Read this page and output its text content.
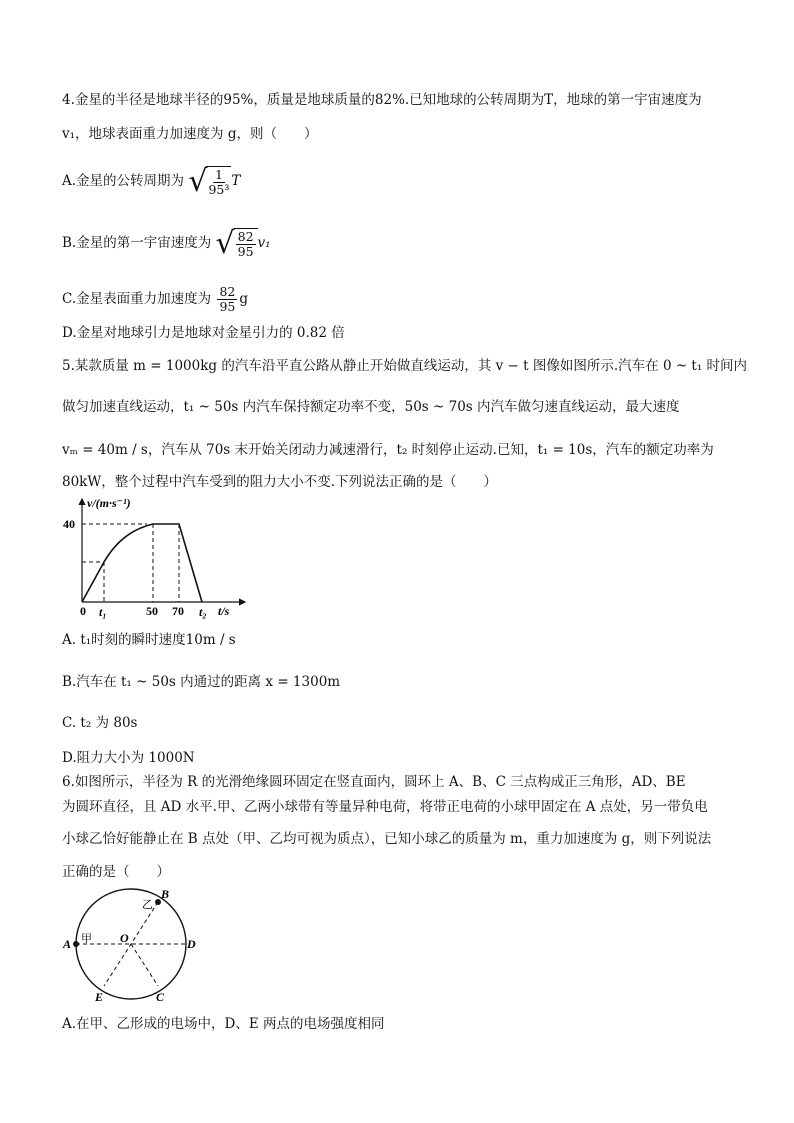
4.金星的半径是地球半径的95%，质量是地球质量的82%.已知地球的公转周期为T，地球的第一宇宙速度为
v₁，地球表面重力加速度为 g，则（　　）
A.金星的公转周期为 √ $\frac{1}{\text{95³}}$ T
B.金星的第一宇宙速度为 √ $\frac{82}{95} v_1$
C.金星表面重力加速度为 $\frac{82}{95}$ g
D.金星对地球引力是地球对金星引力的 0.82 倍
5.某款质量 m = 1000kg 的汽车沿平直公路从静止开始做直线运动，其 v − t 图像如图所示.汽车在 0 ~ t₁ 时间内
做匀加速直线运动，t₁ ~ 50s 内汽车保持额定功率不变，50s ~ 70s 内汽车做匀速直线运动，最大速度
vₘ = 40m / s，汽车从 70s 末开始关闭动力减速滑行，t₂ 时刻停止运动.已知，t₁ = 10s，汽车的额定功率为
80kW，整个过程中汽车受到的阻力大小不变.下列说法正确的是（　　）
v/(m·s⁻¹)
40
0 t₁	50 70 t₂ t/s
A. t₁时刻的瞬时速度10m / s
B.汽车在 t₁ ~ 50s 内通过的距离 x = 1300m
C. t₂ 为 80s
D.阻力大小为 1000N
6.如图所示，半径为 R 的光滑绝缘圆环固定在竖直面内，圆环上 A、B、C 三点构成正三角形，AD、BE
为圆环直径，且 AD 水平.甲、乙两小球带有等量异种电荷，将带正电荷的小球甲固定在 A 点处，另一带负电
小球乙恰好能静止在 B 点处（甲、乙均可视为质点），已知小球乙的质量为 m，重力加速度为 g，则下列说法
正确的是（　　）
A 甲
B
乙
O	D
E	C
A.在甲、乙形成的电场中，D、E 两点的电场强度相同
